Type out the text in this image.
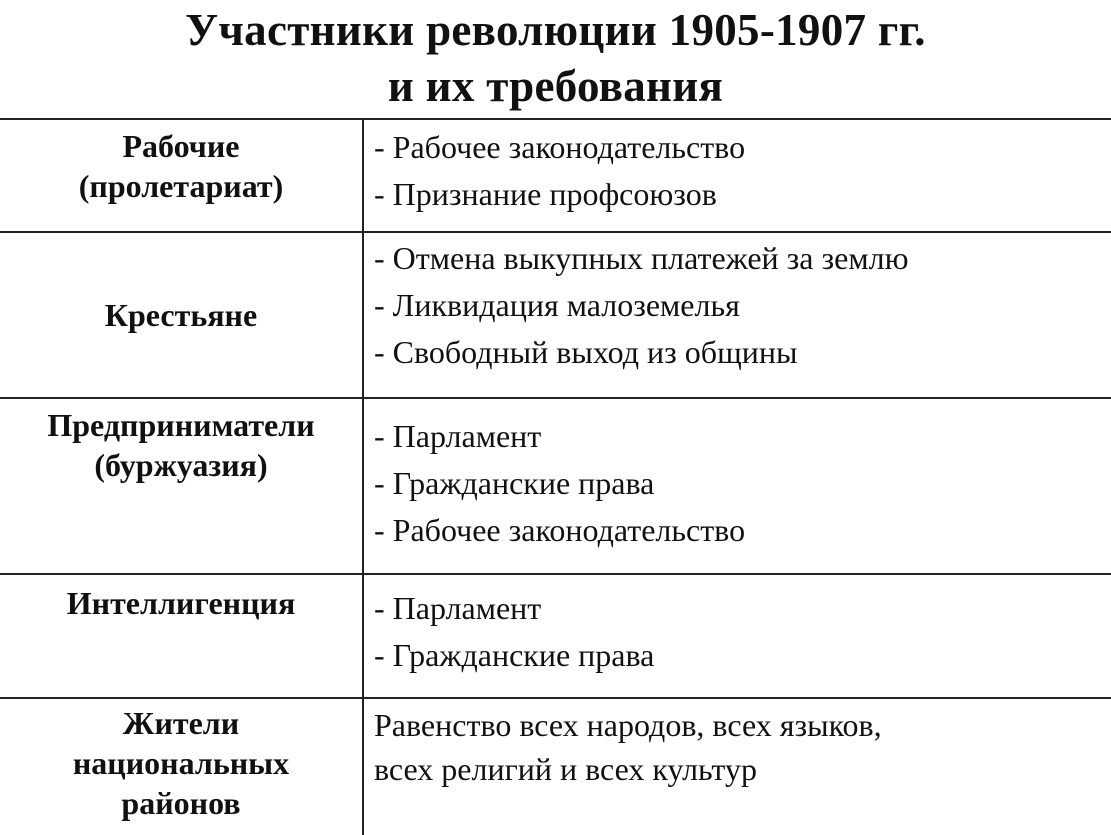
Участники революции 1905-1907 гг.
и их требования
Рабочие
(пролетариат)	- Рабочее законодательство
- Признание профсоюзов

Крестьяне	- Отмена выкупных платежей за землю
- Ликвидация малоземелья
- Свободный выход из общины

Предприниматели
(буржуазия)	- Парламент
- Гражданские права
- Рабочее законодательство

Интеллигенция	- Парламент
- Гражданские права

Жители
национальных
районов	Равенство всех народов, всех языков,
всех религий и всех культур
